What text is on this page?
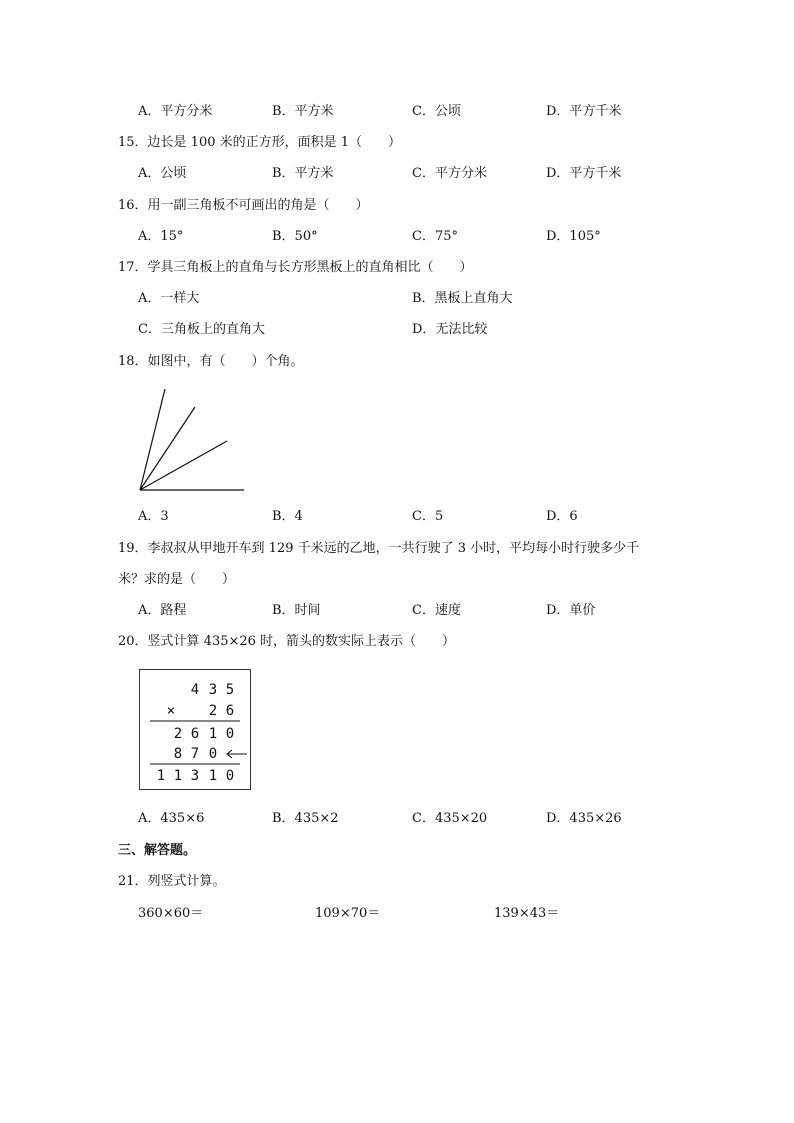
A．平方分米	B．平方米	C．公顷	D．平方千米
15．边长是 100 米的正方形，面积是 1（　　）
A．公顷	B．平方米	C．平方分米	D．平方千米
16．用一副三角板不可画出的角是（　　）
A．15°	B．50°	C．75°	D．105°
17．学具三角板上的直角与长方形黑板上的直角相比（　　）
A．一样大	B．黑板上直角大
C．三角板上的直角大	D．无法比较
18．如图中，有（　　）个角。
A．3	B．4	C．5	D．6
19．李叔叔从甲地开车到 129 千米远的乙地，一共行驶了 3 小时，平均每小时行驶多少千
米？求的是（　　）
A．路程	B．时间	C．速度	D．单价
20．竖式计算 435×26 时，箭头的数实际上表示（　　）
4 3 5
× 2 6
2 6 1 0
8 7 0
1 1 3 1 0
A．435×6	B．435×2	C．435×20	D．435×26
三、解答题。
21．列竖式计算。
360×60＝	109×70＝	139×43＝
